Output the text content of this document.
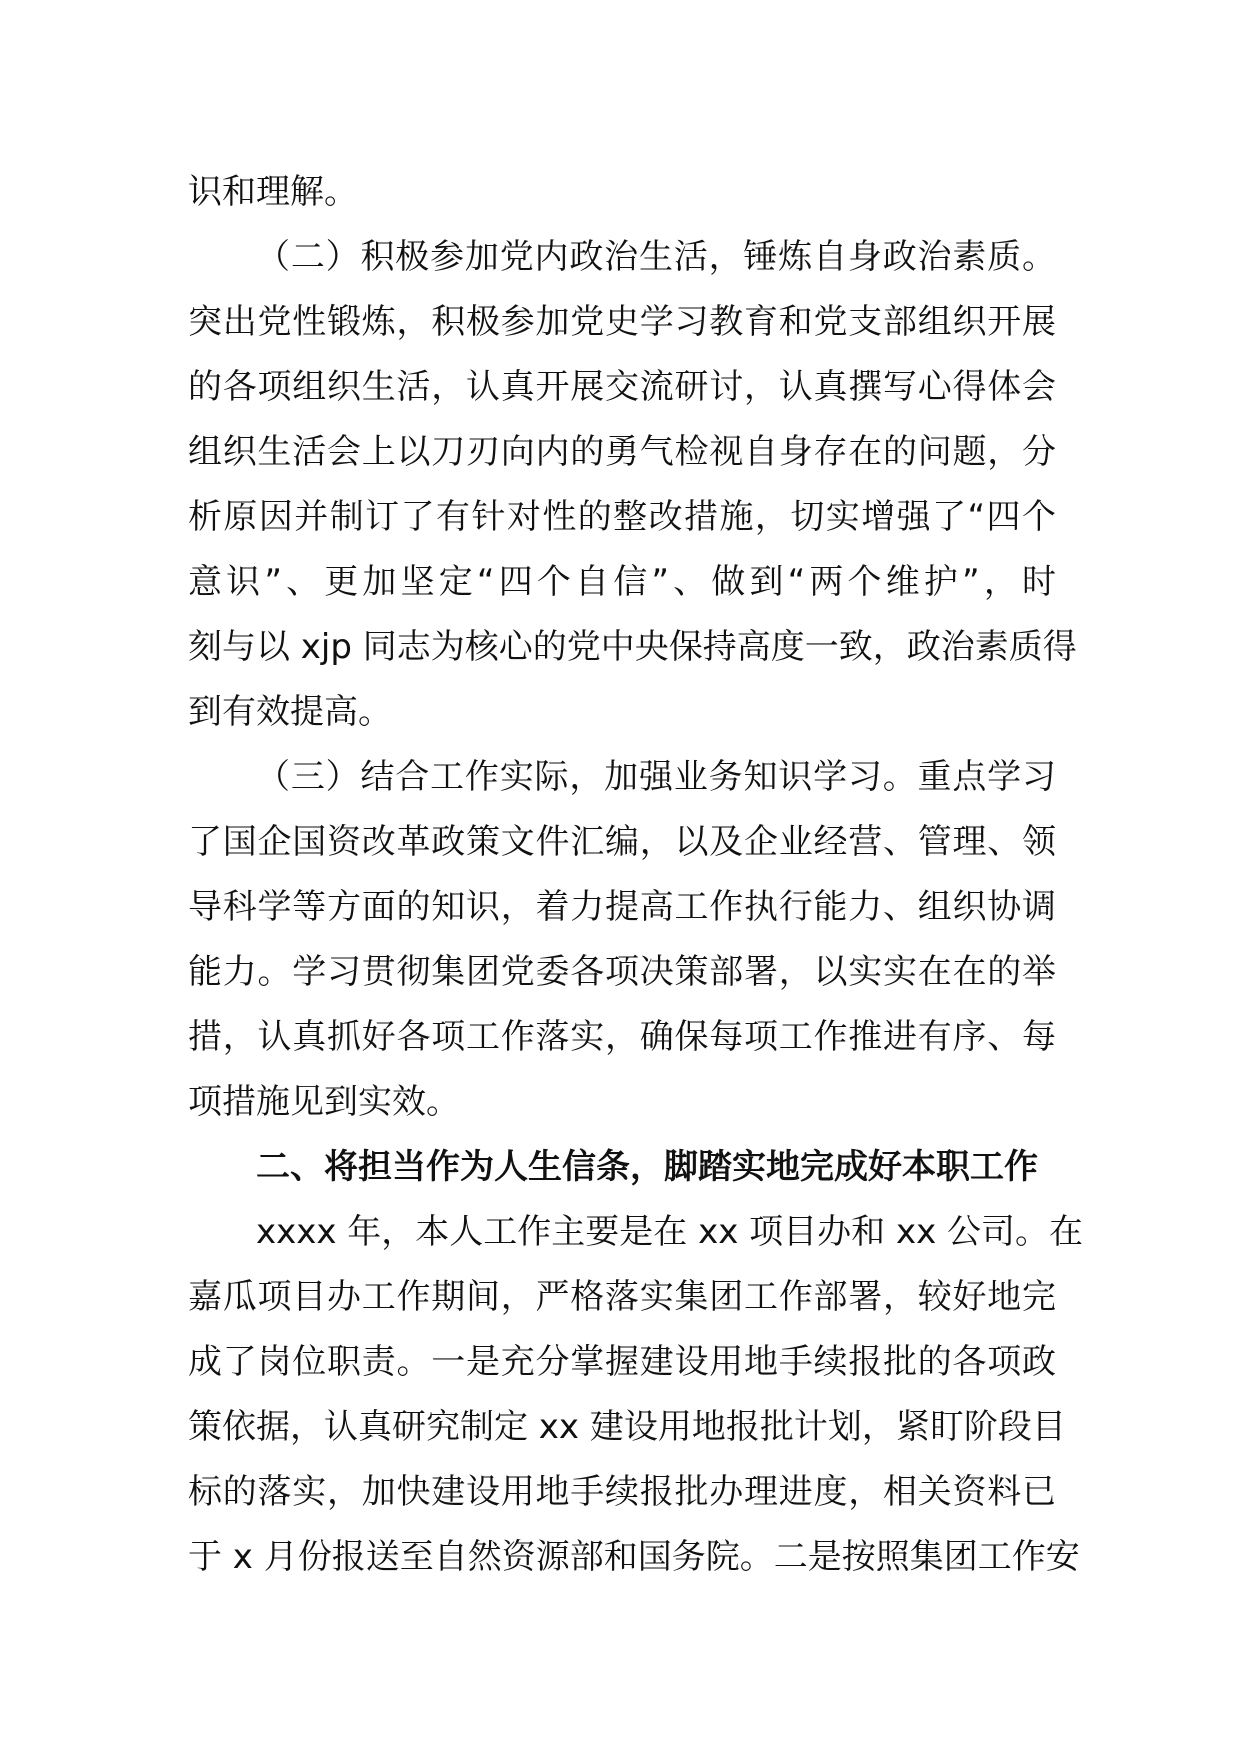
识和理解。
（二）积极参加党内政治生活，锤炼自身政治素质。
突出党性锻炼，积极参加党史学习教育和党支部组织开展
的各项组织生活，认真开展交流研讨，认真撰写心得体会
组织生活会上以刀刃向内的勇气检视自身存在的问题，分
析原因并制订了有针对性的整改措施，切实增强了“四个
意识”、更加坚定“四个自信”、做到“两个维护”，时
刻与以 xjp 同志为核心的党中央保持高度一致，政治素质得
到有效提高。
（三）结合工作实际，加强业务知识学习。重点学习
了国企国资改革政策文件汇编，以及企业经营、管理、领
导科学等方面的知识，着力提高工作执行能力、组织协调
能力。学习贯彻集团党委各项决策部署，以实实在在的举
措，认真抓好各项工作落实，确保每项工作推进有序、每
项措施见到实效。
二、将担当作为人生信条，脚踏实地完成好本职工作
xxxx 年，本人工作主要是在 xx 项目办和 xx 公司。在
嘉瓜项目办工作期间，严格落实集团工作部署，较好地完
成了岗位职责。一是充分掌握建设用地手续报批的各项政
策依据，认真研究制定 xx 建设用地报批计划，紧盯阶段目
标的落实，加快建设用地手续报批办理进度，相关资料已
于 x 月份报送至自然资源部和国务院。二是按照集团工作安
